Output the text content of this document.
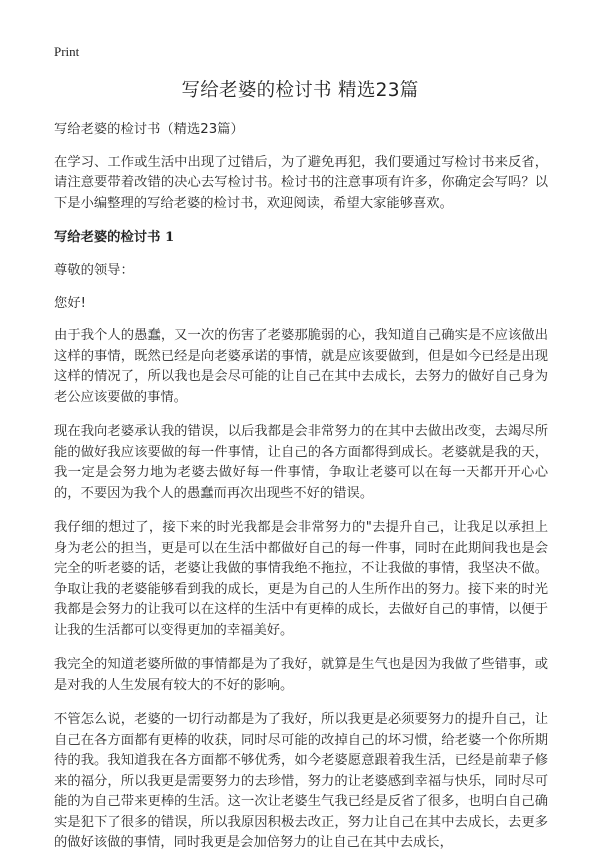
Print
写给老婆的检讨书 精选23篇

写给老婆的检讨书（精选23篇）

在学习、工作或生活中出现了过错后，为了避免再犯，我们要通过写检讨书来反省，请注意要带着改错的决心去写检讨书。检讨书的注意事项有许多，你确定会写吗？以下是小编整理的写给老婆的检讨书，欢迎阅读，希望大家能够喜欢。

写给老婆的检讨书 1

尊敬的领导：

您好!

由于我个人的愚蠢，又一次的伤害了老婆那脆弱的心，我知道自己确实是不应该做出这样的事情，既然已经是向老婆承诺的事情，就是应该要做到，但是如今已经是出现这样的情况了，所以我也是会尽可能的让自己在其中去成长，去努力的做好自己身为老公应该要做的事情。

现在我向老婆承认我的错误，以后我都是会非常努力的在其中去做出改变，去竭尽所能的做好我应该要做的每一件事情，让自己的各方面都得到成长。老婆就是我的天，我一定是会努力地为老婆去做好每一件事情，争取让老婆可以在每一天都开开心心的，不要因为我个人的愚蠢而再次出现些不好的错误。

我仔细的想过了，接下来的时光我都是会非常努力的"去提升自己，让我足以承担上身为老公的担当，更是可以在生活中都做好自己的每一件事，同时在此期间我也是会完全的听老婆的话，老婆让我做的事情我绝不拖拉，不让我做的事情，我坚决不做。争取让我的老婆能够看到我的成长，更是为自己的人生所作出的努力。接下来的时光我都是会努力的让我可以在这样的生活中有更棒的成长，去做好自己的事情，以便于让我的生活都可以变得更加的幸福美好。

我完全的知道老婆所做的事情都是为了我好，就算是生气也是因为我做了些错事，或是对我的人生发展有较大的不好的影响。

不管怎么说，老婆的一切行动都是为了我好，所以我更是必须要努力的提升自己，让自己在各方面都有更棒的收获，同时尽可能的改掉自己的坏习惯，给老婆一个你所期待的我。我知道我在各方面都不够优秀，如今老婆愿意跟着我生活，已经是前辈子修来的福分，所以我更是需要努力的去珍惜，努力的让老婆感到幸福与快乐，同时尽可能的为自己带来更棒的生活。这一次让老婆生气我已经是反省了很多，也明白自己确实是犯下了很多的错误，所以我原因积极去改正，努力让自己在其中去成长，去更多的做好该做的事情，同时我更是会加倍努力的让自己在其中去成长，
